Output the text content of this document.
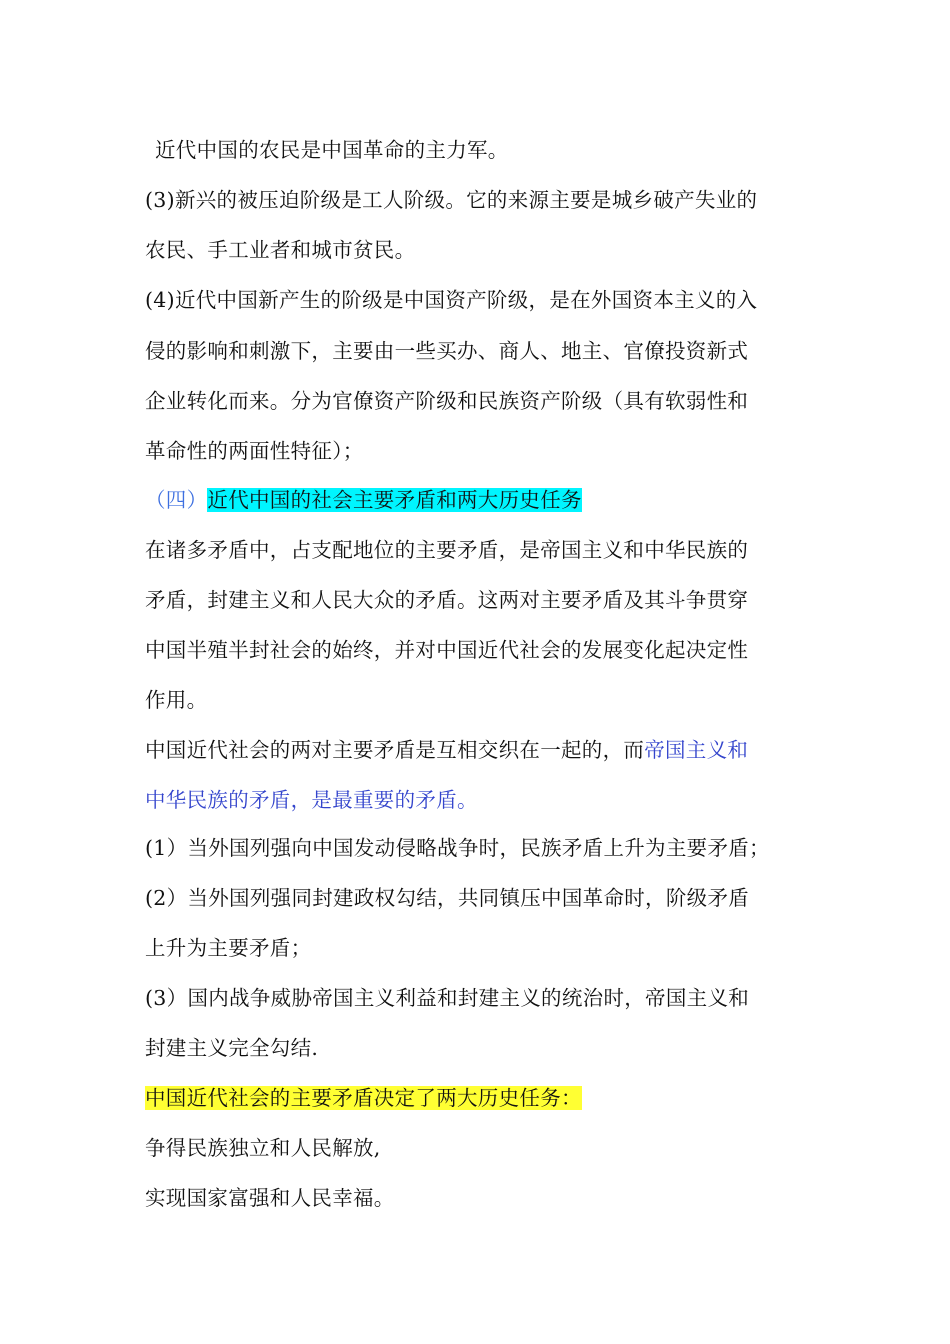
近代中国的农民是中国革命的主力军。
(3)新兴的被压迫阶级是工人阶级。它的来源主要是城乡破产失业的
农民、手工业者和城市贫民。
(4)近代中国新产生的阶级是中国资产阶级，是在外国资本主义的入
侵的影响和刺激下，主要由一些买办、商人、地主、官僚投资新式
企业转化而来。分为官僚资产阶级和民族资产阶级（具有软弱性和
革命性的两面性特征）；
（四）近代中国的社会主要矛盾和两大历史任务
在诸多矛盾中，占支配地位的主要矛盾，是帝国主义和中华民族的
矛盾，封建主义和人民大众的矛盾。这两对主要矛盾及其斗争贯穿
中国半殖半封社会的始终，并对中国近代社会的发展变化起决定性
作用。
中国近代社会的两对主要矛盾是互相交织在一起的，而帝国主义和
中华民族的矛盾，是最重要的矛盾。
(1）当外国列强向中国发动侵略战争时，民族矛盾上升为主要矛盾；
(2）当外国列强同封建政权勾结，共同镇压中国革命时，阶级矛盾
上升为主要矛盾；
(3）国内战争威胁帝国主义利益和封建主义的统治时，帝国主义和
封建主义完全勾结.
中国近代社会的主要矛盾决定了两大历史任务：
争得民族独立和人民解放,
实现国家富强和人民幸福。
